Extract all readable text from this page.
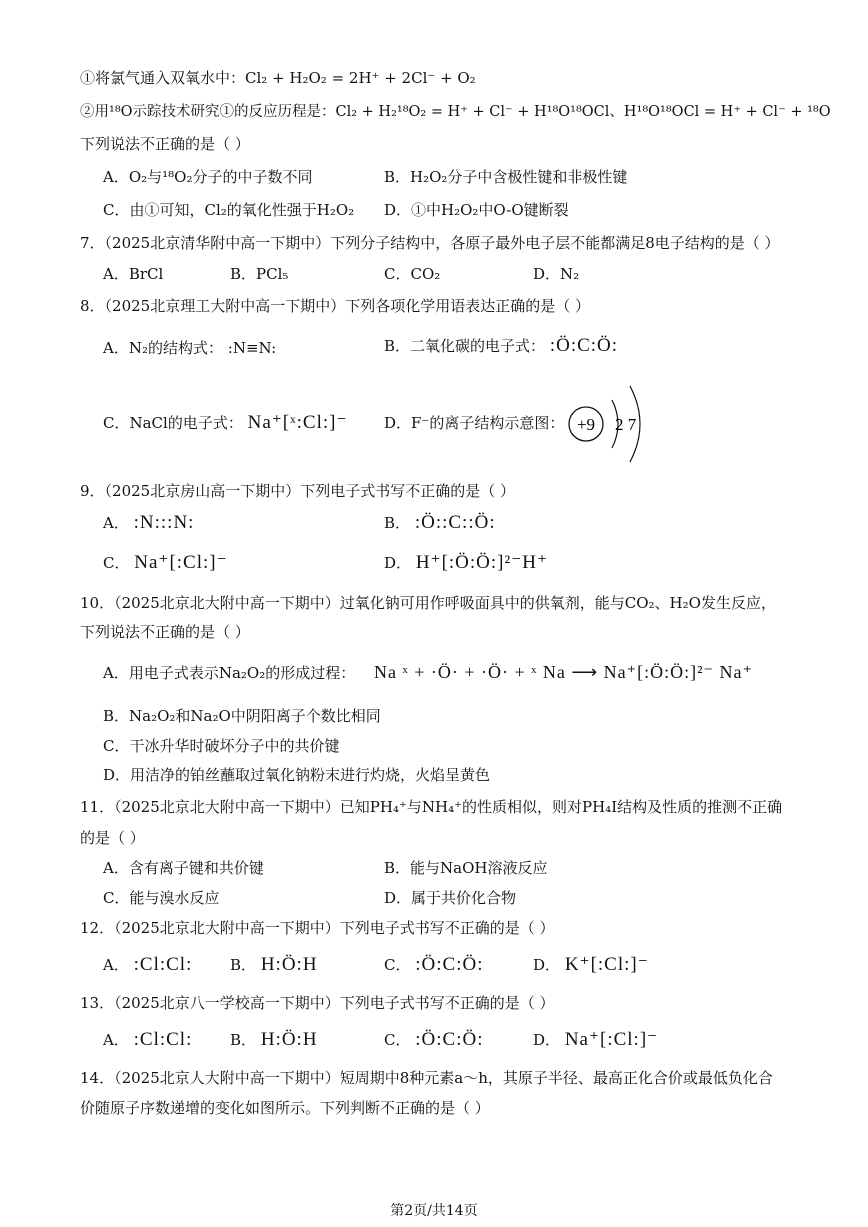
①将氯气通入双氧水中：Cl₂ + H₂O₂ = 2H⁺ + 2Cl⁻ + O₂
②用¹⁸O示踪技术研究①的反应历程是：Cl₂ + H₂¹⁸O₂ = H⁺ + Cl⁻ + H¹⁸O¹⁸OCl、H¹⁸O¹⁸OCl = H⁺ + Cl⁻ + ¹⁸O
下列说法不正确的是（ ）
A．O₂与¹⁸O₂分子的中子数不同	B．H₂O₂分子中含极性键和非极性键
C．由①可知，Cl₂的氧化性强于H₂O₂ D．①中H₂O₂中O-O键断裂
7．（2025北京清华附中高一下期中）下列分子结构中，各原子最外电子层不能都满足8电子结构的是（ ）
A．BrCl	B．PCl₅	C．CO₂	D．N₂
8．（2025北京理工大附中高一下期中）下列各项化学用语表达正确的是（ ）
A．N₂的结构式： :N≡N:	B．二氧化碳的电子式： :Ö:C:Ö:
C．NaCl的电子式： Na⁺[ˣ:Cl:]⁻ D．F⁻的离子结构示意图： +9 2 7
9．（2025北京房山高一下期中）下列电子式书写不正确的是（ ）
A． :N:::N:	B． :Ö::C::Ö:
C． Na⁺[:Cl:]⁻	D． H⁺[:Ö:Ö:]²⁻H⁺
10．（2025北京北大附中高一下期中）过氧化钠可用作呼吸面具中的供氧剂，能与CO₂、H₂O发生反应，
下列说法不正确的是（ ）
A．用电子式表示Na₂O₂的形成过程： Na ˣ + ·Ö· + ·Ö· + ˣ Na ⟶ Na⁺[:Ö:Ö:]²⁻ Na⁺
B．Na₂O₂和Na₂O中阴阳离子个数比相同
C．干冰升华时破坏分子中的共价键
D．用洁净的铂丝蘸取过氧化钠粉末进行灼烧，火焰呈黄色
11．（2025北京北大附中高一下期中）已知PH₄⁺与NH₄⁺的性质相似，则对PH₄I结构及性质的推测不正确
的是（ ）
A．含有离子键和共价键	B．能与NaOH溶液反应
C．能与溴水反应	D．属于共价化合物
12．（2025北京北大附中高一下期中）下列电子式书写不正确的是（ ）
A． :Cl:Cl:	B． H:Ö:H	C． :Ö:C:Ö:	D． K⁺[:Cl:]⁻
13．（2025北京八一学校高一下期中）下列电子式书写不正确的是（ ）
A． :Cl:Cl:	B． H:Ö:H	C． :Ö:C:Ö:	D． Na⁺[:Cl:]⁻
14．（2025北京人大附中高一下期中）短周期中8种元素a～h，其原子半径、最高正化合价或最低负化合
价随原子序数递增的变化如图所示。下列判断不正确的是（ ）
第2页/共14页
